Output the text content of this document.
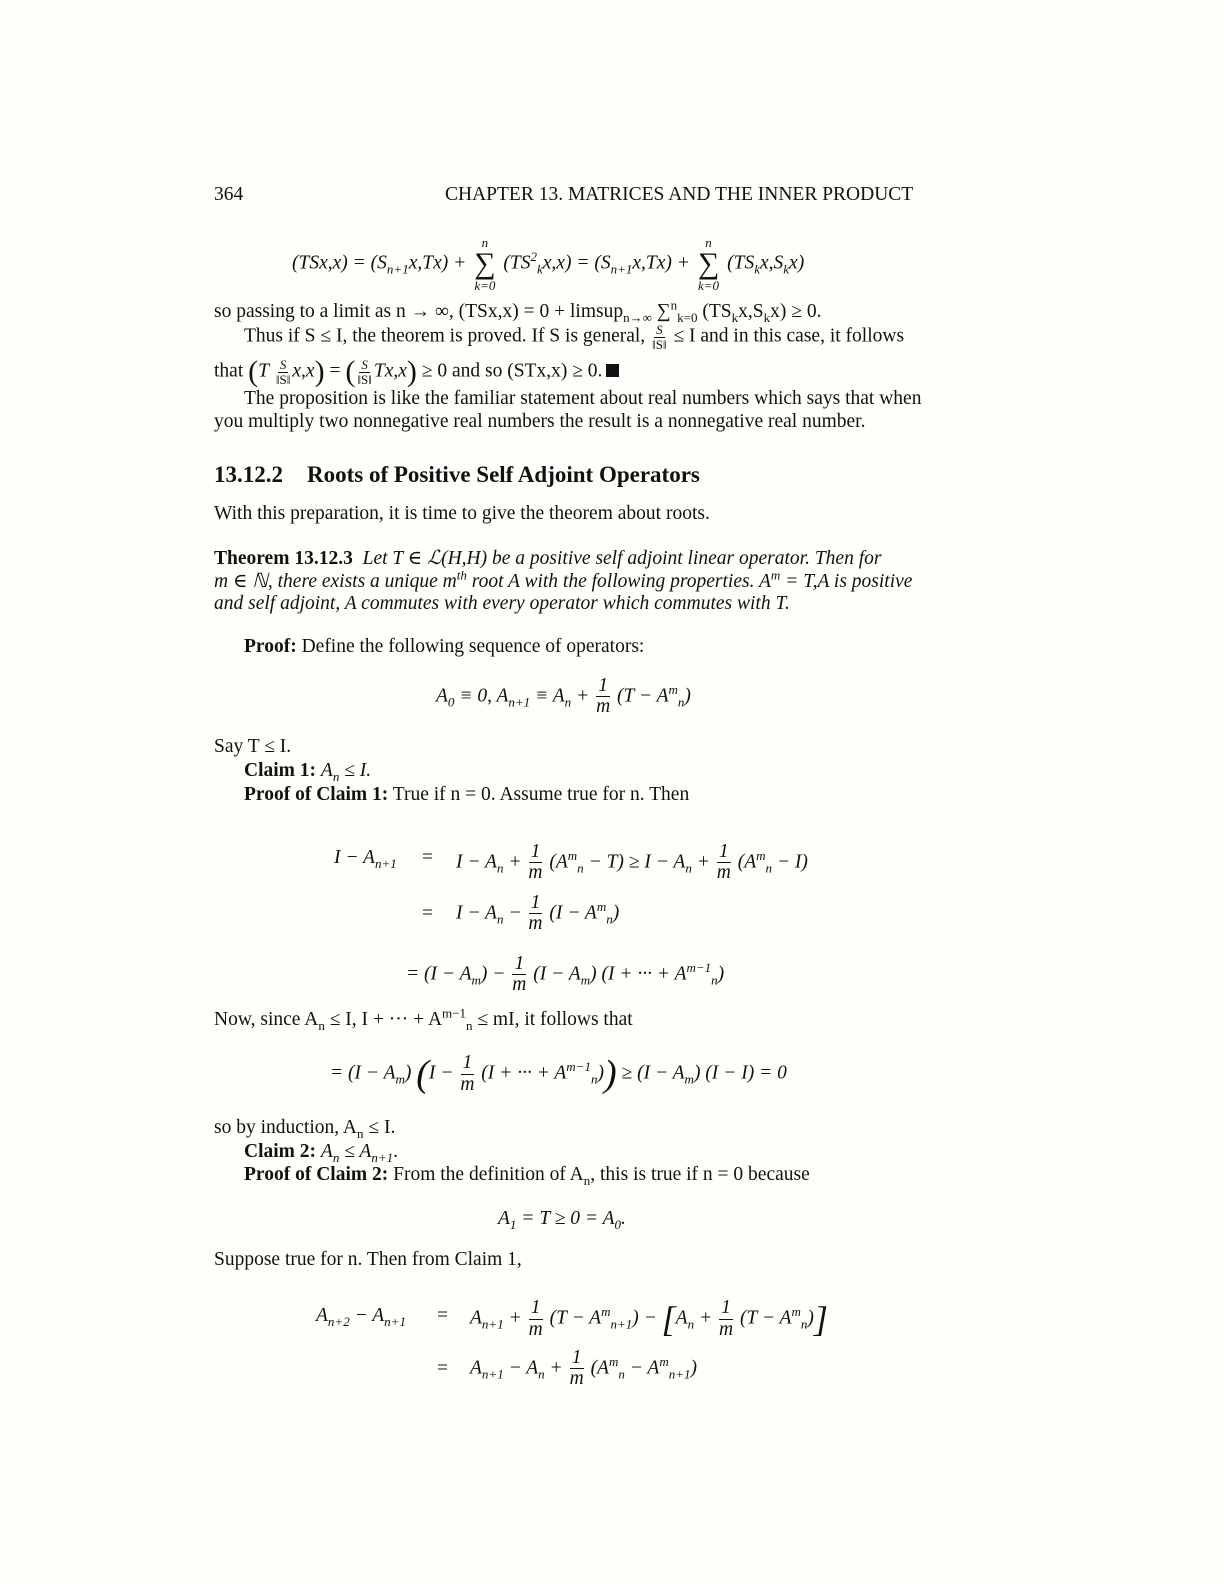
364	CHAPTER 13. MATRICES AND THE INNER PRODUCT
$(TSx,x) = (S_{n+1}x,Tx)$ +
n
∑
k=0
$(TS^2_kx,x) = (S_{n+1}x,Tx)$ +
n
∑
k=0
$(TS_kx,S_kx)$
so passing to a limit as n → ∞, (TSx,x) = 0 + limsup$_{n\to\infty}$ ∑$^n_{k=0}$ $(TS_kx,S_kx) \ge 0$.
Thus if S ≤ I, the theorem is proved. If S is general, $\frac{S}{‖S‖} \le I$ and in this case, it follows
that $(T \frac{S}{‖S‖} x,x)$ = ( $\frac{S}{‖S‖} Tx,x) \ge 0$ and so (STx,x) ≥ 0.
The proposition is like the familiar statement about real numbers which says that when
you multiply two nonnegative real numbers the result is a nonnegative real number.
13.12.2 Roots of Positive Self Adjoint Operators
With this preparation, it is time to give the theorem about roots.
Theorem 13.12.3 Let T ∈ ℒ(H,H) be a positive self adjoint linear operator. Then for
m ∈ ℕ, there exists a unique $m^{th}$ root A with the following properties. $A^m = T,A$ is positive
and self adjoint, A commutes with every operator which commutes with T.
Proof: Define the following sequence of operators:
$A_0 \equiv 0$, $A_{n+1} \equiv A_n + \frac{1}{m} (T - A^m_n)$
Say T ≤ I.
Claim 1: $A_n \le I$.
Proof of Claim 1: True if n = 0. Assume true for n. Then
$I - A_{n+1} = I - A_n + \frac{1}{m} (A^m_n - T) \ge I - A_n + \frac{1}{m} (A^m_n - I)$
= $I - A_n - \frac{1}{m} (I - A^m_n)$
= $(I - A_m) - \frac{1}{m} (I - A_m)$ (I + ··· + $A^{m-1}_n$)
Now, since $A_n \le I$, I + ··· + $A^{m-1}_n$ ≤ mI, it follows that
= $(I - A_m)$ ($I - \frac{1}{m} (I$ + ··· + $A^{m-1}_n)) \ge (I - A_m)$ (I − I) = 0
so by induction, $A_n \le I$.
Claim 2: $A_n \le A_{n+1}$.
Proof of Claim 2: From the definition of $A_n$, this is true if n = 0 because
$A_1 = T \ge 0 = A_0$.
Suppose true for n. Then from Claim 1,
$A_{n+2} - A_{n+1} = A_{n+1} + \frac{1}{m} (T - A^m_{n+1}) - [A_n + \frac{1}{m} (T - A^m_n)]$
= $A_{n+1} - A_n + \frac{1}{m} (A^m_n - A^m_{n+1})$
